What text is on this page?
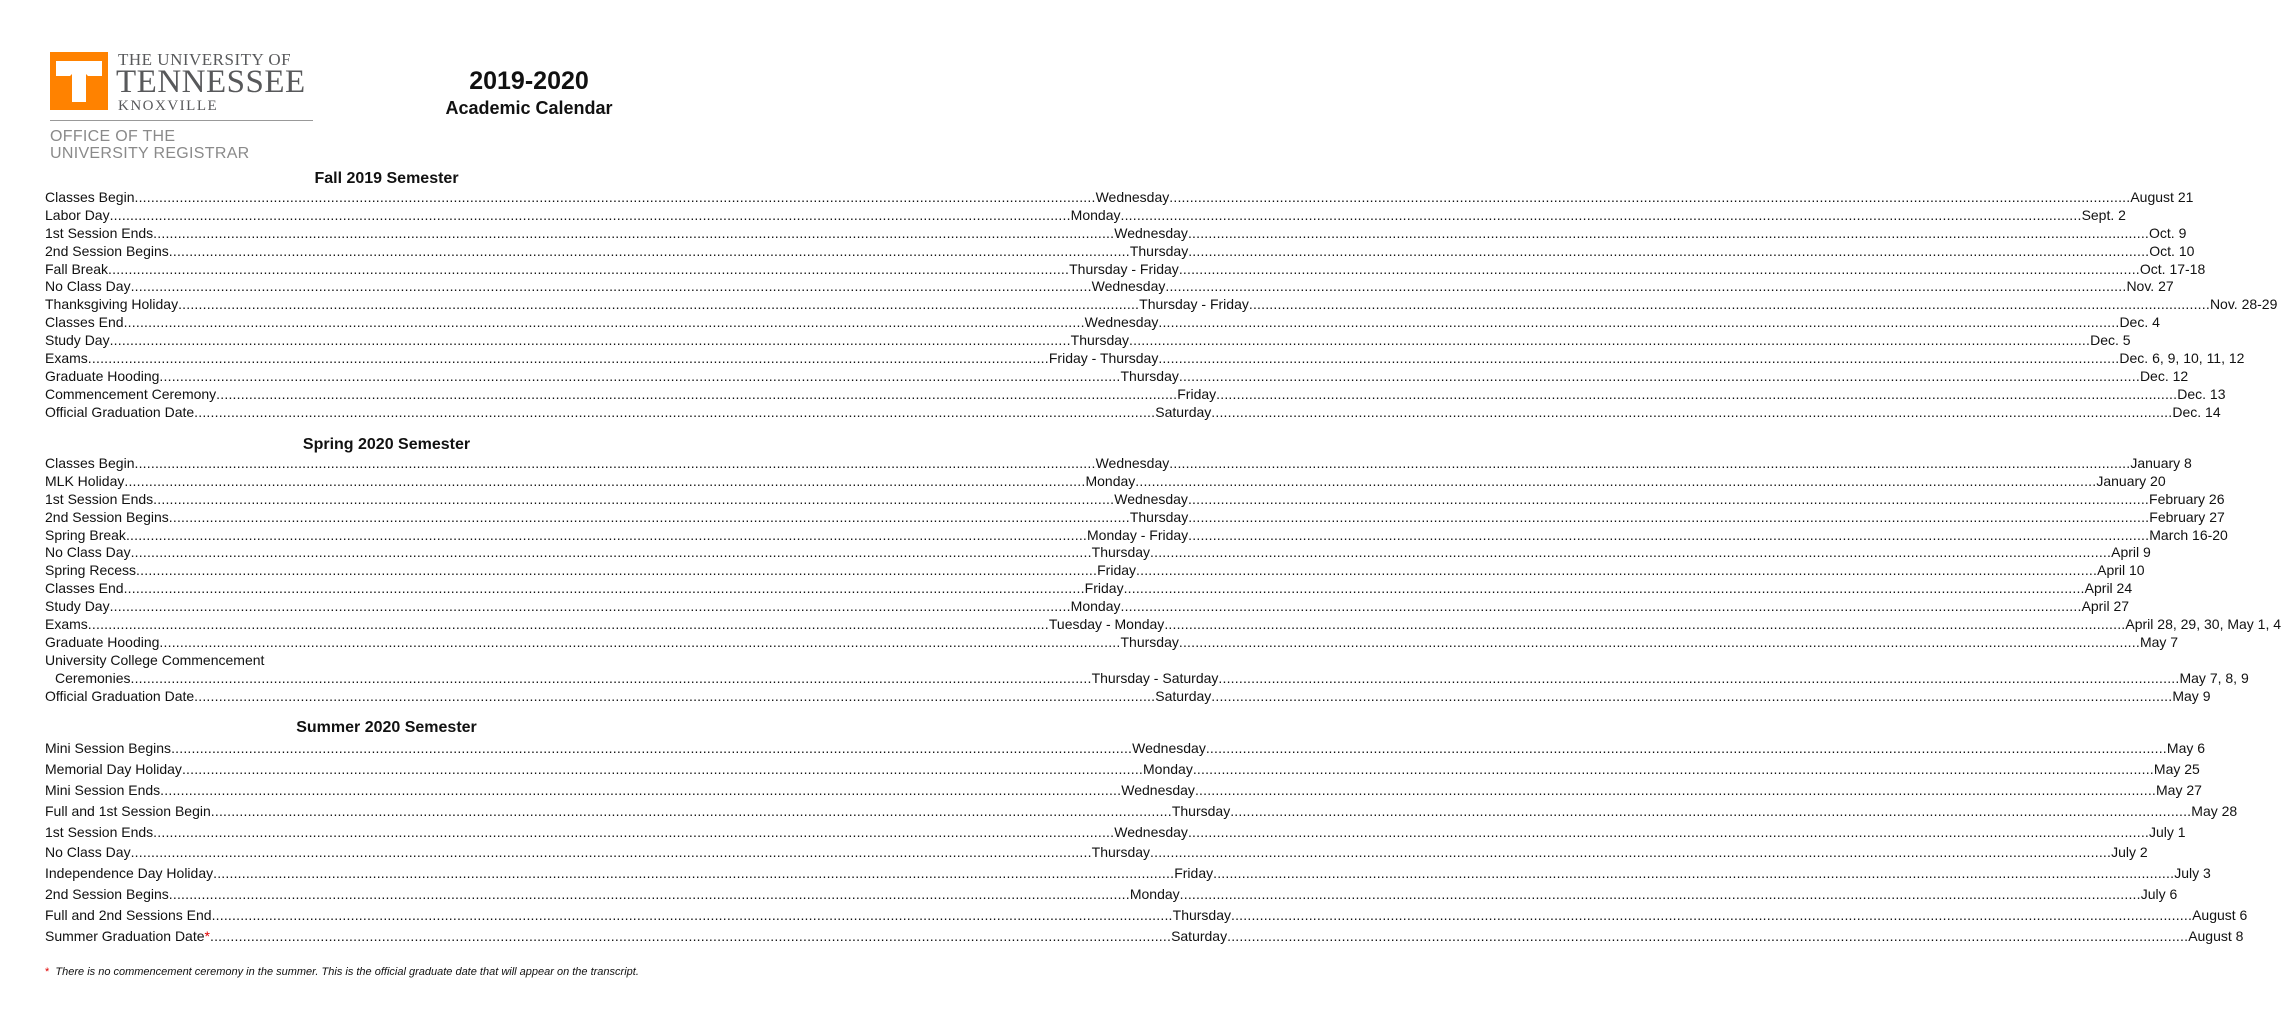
THE UNIVERSITY OF
TENNESSEE
KNOXVILLE
OFFICE OF THE
UNIVERSITY REGISTRAR
2019-2020
Academic Calendar
Fall 2019 Semester
Classes Begin .....	Wednesday .....	August 21
Labor Day .....	Monday .....	Sept. 2
1st Session Ends .....	Wednesday .....	Oct. 9
2nd Session Begins .....	Thursday .....	Oct. 10
Fall Break .....	Thursday - Friday .....	Oct. 17-18
No Class Day .....	Wednesday .....	Nov. 27
Thanksgiving Holiday .....	Thursday - Friday .....	Nov. 28-29
Classes End .....	Wednesday .....	Dec. 4
Study Day .....	Thursday .....	Dec. 5
Exams .....	Friday - Thursday .....	Dec. 6, 9, 10, 11, 12
Graduate Hooding .....	Thursday .....	Dec. 12
Commencement Ceremony .....	Friday .....	Dec. 13
Official Graduation Date .....	Saturday .....	Dec. 14
Spring 2020 Semester
Classes Begin .....	Wednesday .....	January 8
MLK Holiday .....	Monday .....	January 20
1st Session Ends .....	Wednesday .....	February 26
2nd Session Begins .....	Thursday .....	February 27
Spring Break .....	Monday - Friday .....	March 16-20
No Class Day .....	Thursday .....	April 9
Spring Recess .....	Friday .....	April 10
Classes End .....	Friday .....	April 24
Study Day .....	Monday .....	April 27
Exams .....	Tuesday - Monday .....	April 28, 29, 30, May 1, 4
Graduate Hooding .....	Thursday .....	May 7
University College Commencement
Ceremonies .....	Thursday - Saturday .....	May 7, 8, 9
Official Graduation Date .....	Saturday .....	May 9
Summer 2020 Semester
Mini Session Begins .....	Wednesday .....	May 6
Memorial Day Holiday .....	Monday .....	May 25
Mini Session Ends .....	Wednesday .....	May 27
Full and 1st Session Begin .....	Thursday .....	May 28
1st Session Ends .....	Wednesday .....	July 1
No Class Day .....	Thursday .....	July 2
Independence Day Holiday .....	Friday .....	July 3
2nd Session Begins .....	Monday .....	July 6
Full and 2nd Sessions End .....	Thursday .....	August 6
Summer Graduation Date * .....	Saturday .....	August 8
* There is no commencement ceremony in the summer. This is the official graduate date that will appear on the transcript.
